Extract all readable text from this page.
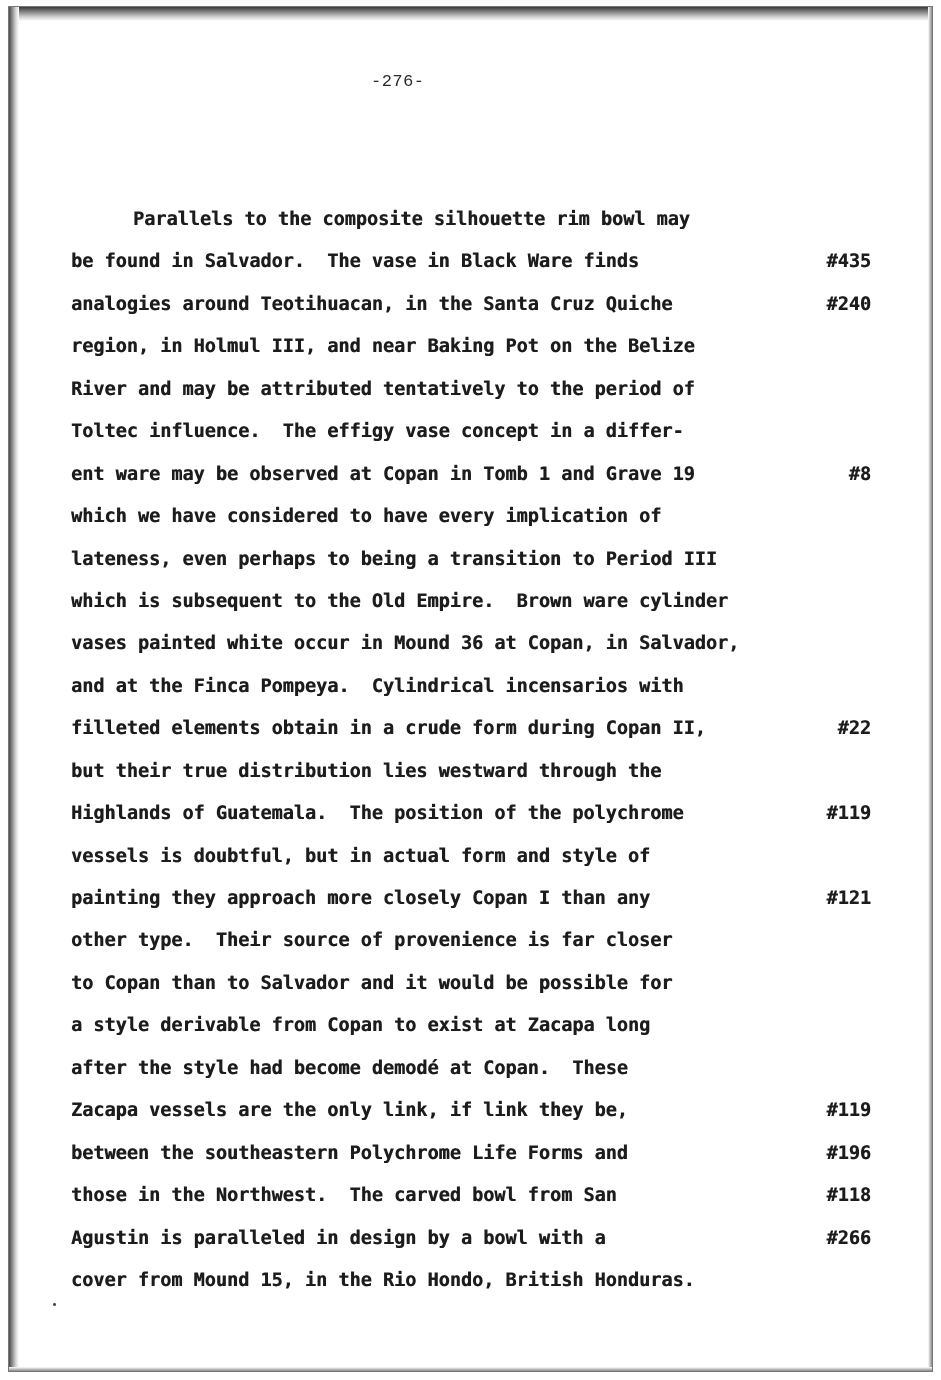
-276-

Parallels to the composite silhouette rim bowl may

be found in Salvador.  The vase in Black Ware finds

	#435

analogies around Teotihuacan, in the Santa Cruz Quiche

	#240

region, in Holmul III, and near Baking Pot on the Belize

River and may be attributed tentatively to the period of

Toltec influence.  The effigy vase concept in a differ-

ent ware may be observed at Copan in Tomb 1 and Grave 19

	#8

which we have considered to have every implication of

lateness, even perhaps to being a transition to Period III

which is subsequent to the Old Empire.  Brown ware cylinder

vases painted white occur in Mound 36 at Copan, in Salvador,

and at the Finca Pompeya.  Cylindrical incensarios with

filleted elements obtain in a crude form during Copan II,

	#22

but their true distribution lies westward through the

Highlands of Guatemala.  The position of the polychrome

	#119

vessels is doubtful, but in actual form and style of

painting they approach more closely Copan I than any

	#121

other type.  Their source of provenience is far closer

to Copan than to Salvador and it would be possible for

a style derivable from Copan to exist at Zacapa long

after the style had become demodé at Copan.  These

Zacapa vessels are the only link, if link they be,

	#119

between the southeastern Polychrome Life Forms and

	#196

those in the Northwest.  The carved bowl from San

	#118

Agustin is paralleled in design by a bowl with a

	#266

cover from Mound 15, in the Rio Hondo, British Honduras.
